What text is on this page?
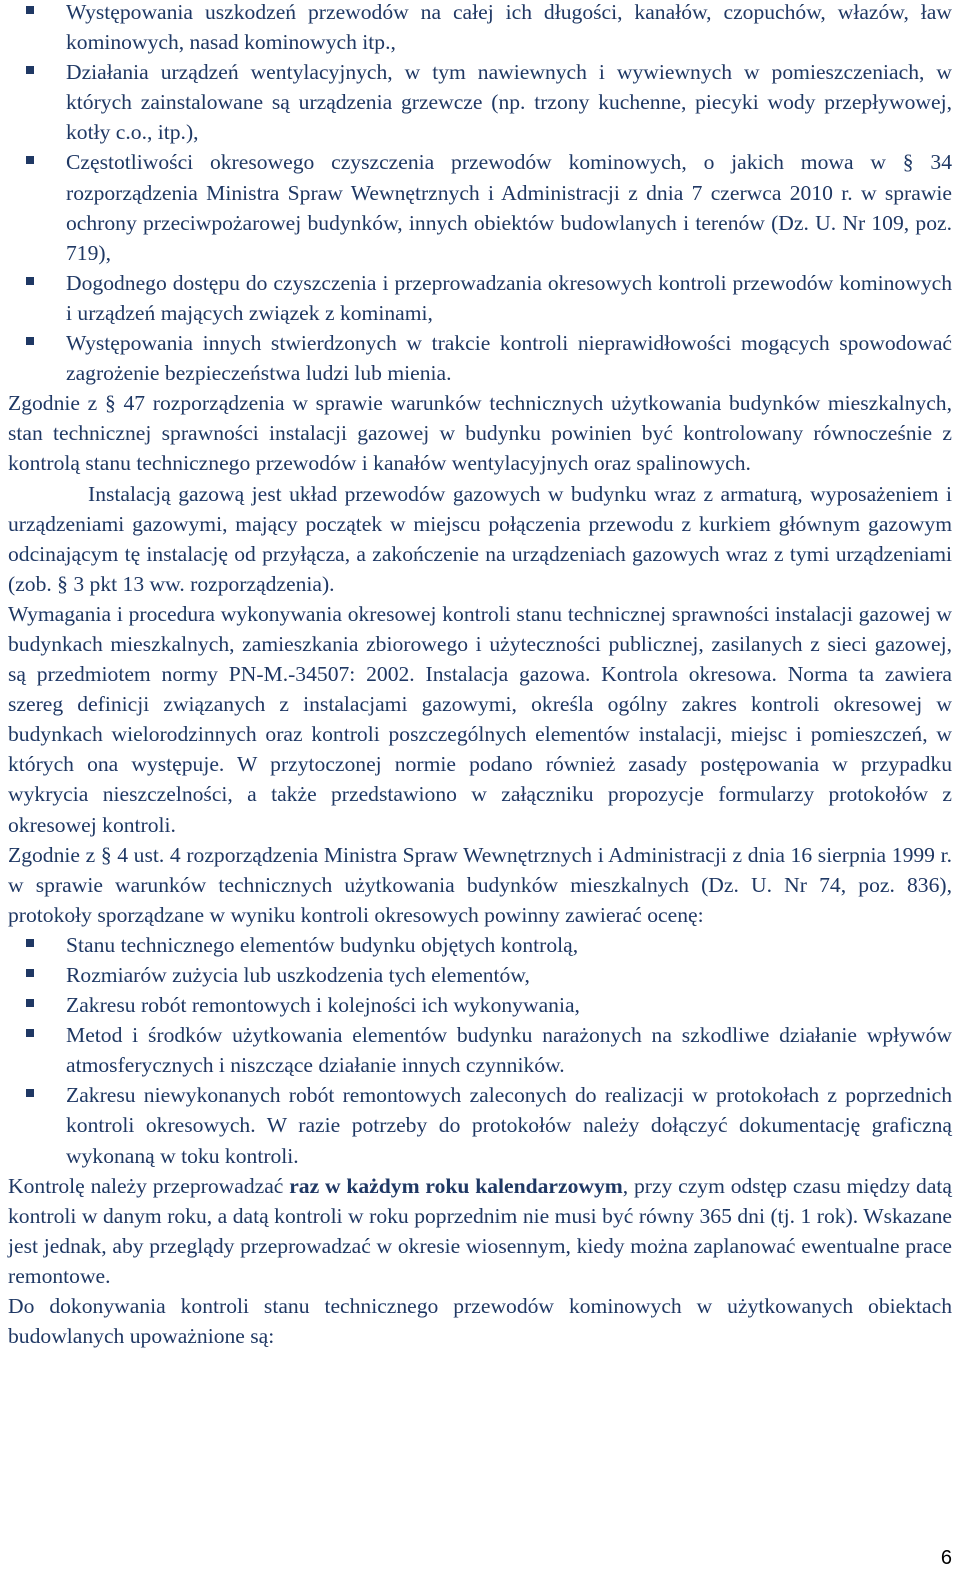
Występowania uszkodzeń przewodów na całej ich długości, kanałów, czopuchów, włazów, ław kominowych, nasad kominowych itp.,
Działania urządzeń wentylacyjnych, w tym nawiewnych i wywiewnych w pomieszczeniach, w których zainstalowane są urządzenia grzewcze (np. trzony kuchenne, piecyki wody przepływowej, kotły c.o., itp.),
Częstotliwości okresowego czyszczenia przewodów kominowych, o jakich mowa w § 34 rozporządzenia Ministra Spraw Wewnętrznych i Administracji z dnia 7 czerwca 2010 r. w sprawie ochrony przeciwpożarowej budynków, innych obiektów budowlanych i terenów (Dz. U. Nr 109, poz. 719),
Dogodnego dostępu do czyszczenia i przeprowadzania okresowych kontroli przewodów kominowych i urządzeń mających związek z kominami,
Występowania innych stwierdzonych w trakcie kontroli nieprawidłowości mogących spowodować zagrożenie bezpieczeństwa ludzi lub mienia.

Zgodnie z § 47 rozporządzenia w sprawie warunków technicznych użytkowania budynków mieszkalnych, stan technicznej sprawności instalacji gazowej w budynku powinien być kontrolowany równocześnie z kontrolą stanu technicznego przewodów i kanałów wentylacyjnych oraz spalinowych.

Instalacją gazową jest układ przewodów gazowych w budynku wraz z armaturą, wyposażeniem i urządzeniami gazowymi, mający początek w miejscu połączenia przewodu z kurkiem głównym gazowym odcinającym tę instalację od przyłącza, a zakończenie na urządzeniach gazowych wraz z tymi urządzeniami (zob. § 3 pkt 13 ww. rozporządzenia).

Wymagania i procedura wykonywania okresowej kontroli stanu technicznej sprawności instalacji gazowej w budynkach mieszkalnych, zamieszkania zbiorowego i użyteczności publicznej, zasilanych z sieci gazowej, są przedmiotem normy PN-M.-34507: 2002. Instalacja gazowa. Kontrola okresowa. Norma ta zawiera szereg definicji związanych z instalacjami gazowymi, określa ogólny zakres kontroli okresowej w budynkach wielorodzinnych oraz kontroli poszczególnych elementów instalacji, miejsc i pomieszczeń, w których ona występuje. W przytoczonej normie podano również zasady postępowania w przypadku wykrycia nieszczelności, a także przedstawiono w załączniku propozycje formularzy protokołów z okresowej kontroli.

Zgodnie z § 4 ust. 4 rozporządzenia Ministra Spraw Wewnętrznych i Administracji z dnia 16 sierpnia 1999 r. w sprawie warunków technicznych użytkowania budynków mieszkalnych (Dz. U. Nr 74, poz. 836), protokoły sporządzane w wyniku kontroli okresowych powinny zawierać ocenę:

Stanu technicznego elementów budynku objętych kontrolą,
Rozmiarów zużycia lub uszkodzenia tych elementów,
Zakresu robót remontowych i kolejności ich wykonywania,
Metod i środków użytkowania elementów budynku narażonych na szkodliwe działanie wpływów atmosferycznych i niszczące działanie innych czynników.
Zakresu niewykonanych robót remontowych zaleconych do realizacji w protokołach z poprzednich kontroli okresowych. W razie potrzeby do protokołów należy dołączyć dokumentację graficzną wykonaną w toku kontroli.

Kontrolę należy przeprowadzać raz w każdym roku kalendarzowym, przy czym odstęp czasu między datą kontroli w danym roku, a datą kontroli w roku poprzednim nie musi być równy 365 dni (tj. 1 rok). Wskazane jest jednak, aby przeglądy przeprowadzać w okresie wiosennym, kiedy można zaplanować ewentualne prace remontowe.

Do dokonywania kontroli stanu technicznego przewodów kominowych w użytkowanych obiektach budowlanych upoważnione są:

6
